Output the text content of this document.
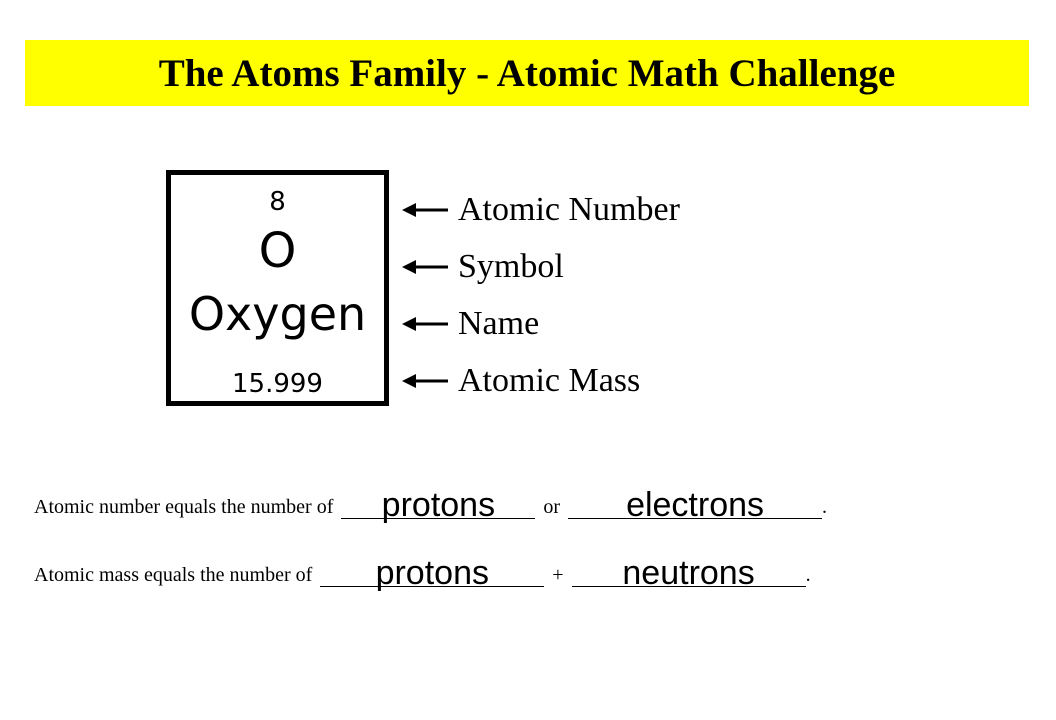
The Atoms Family - Atomic Math Challenge
8
O
Oxygen
15.999
Atomic Number
Symbol
Name
Atomic Mass
Atomic number equals the number of	protons	or	electrons	.
Atomic mass equals the number of	protons	+	neutrons	.
